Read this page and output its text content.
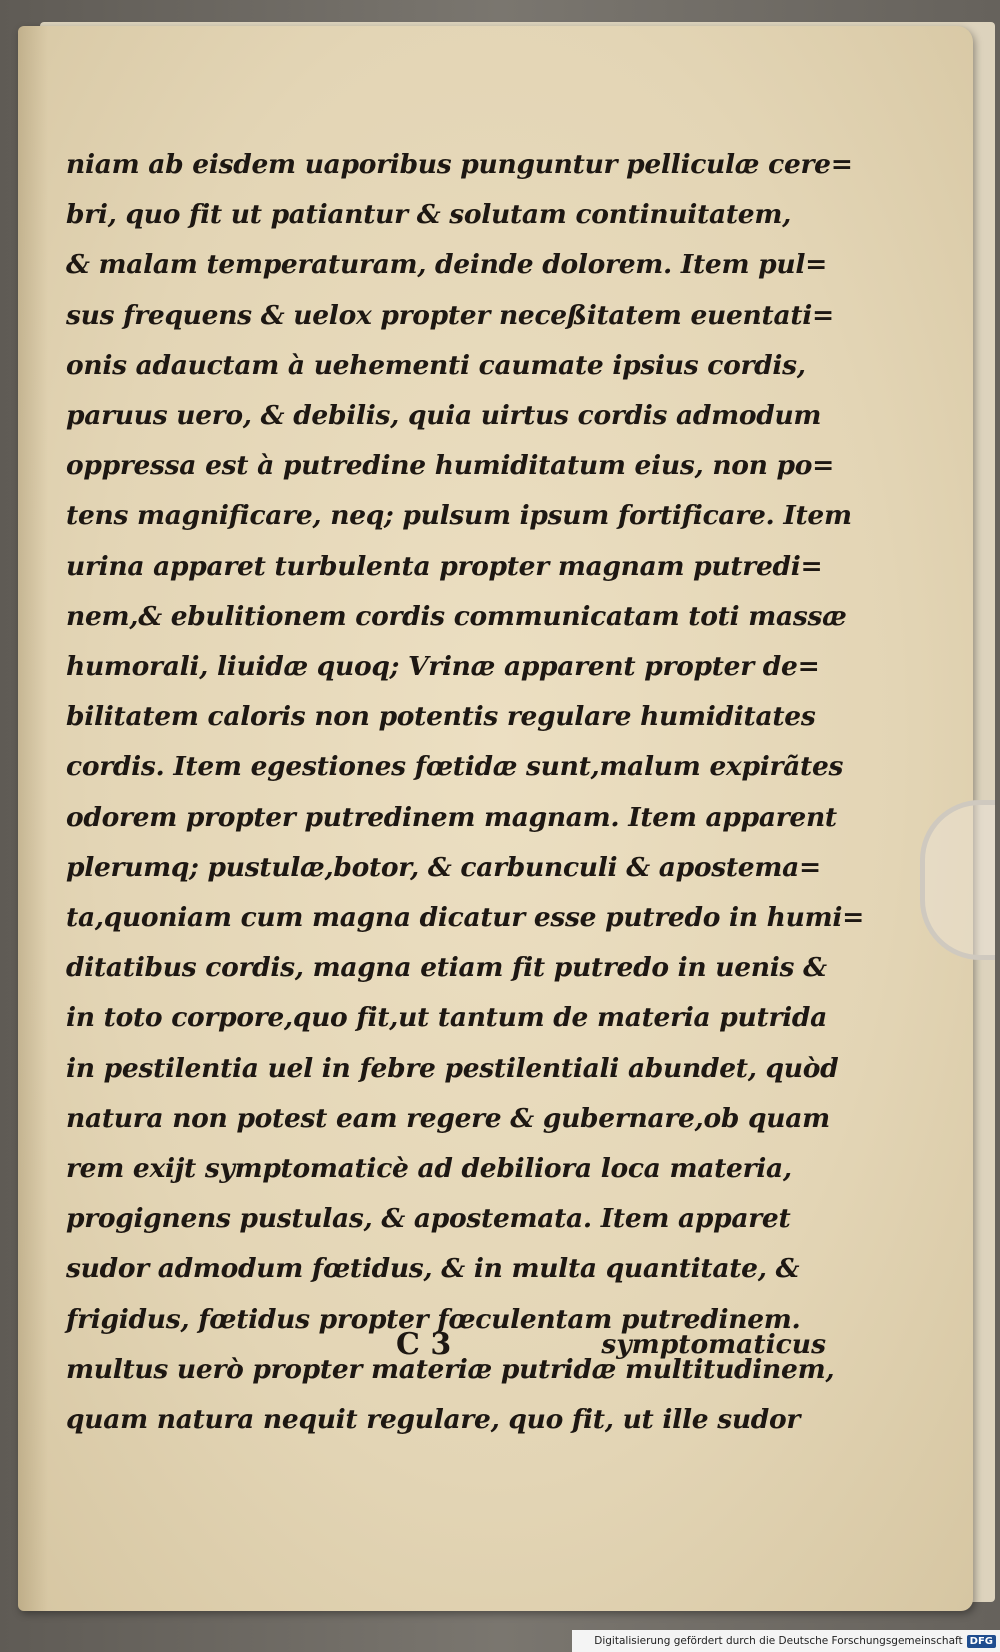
niam ab eisdem uaporibus punguntur pelliculæ cere=
bri, quo fit ut patiantur & solutam continuitatem,
& malam temperaturam, deinde dolorem. Item pul=
sus frequens & uelox propter neceßitatem euentati=
onis adauctam à uehementi caumate ipsius cordis,
paruus uero, & debilis, quia uirtus cordis admodum
oppressa est à putredine humiditatum eius, non po=
tens magnificare, neq; pulsum ipsum fortificare. Item
urina apparet turbulenta propter magnam putredi=
nem,& ebulitionem cordis communicatam toti massæ
humorali, liuidæ quoq; Vrinæ apparent propter de=
bilitatem caloris non potentis regulare humiditates
cordis. Item egestiones fœtidæ sunt,malum expirãtes
odorem propter putredinem magnam. Item apparent
plerumq; pustulæ,botor, & carbunculi & apostema=
ta,quoniam cum magna dicatur esse putredo in humi=
ditatibus cordis, magna etiam fit putredo in uenis &
in toto corpore,quo fit,ut tantum de materia putrida
in pestilentia uel in febre pestilentiali abundet, quòd
natura non potest eam regere & gubernare,ob quam
rem exijt symptomaticè ad debiliora loca materia,
progignens pustulas, & apostemata. Item apparet
sudor admodum fœtidus, & in multa quantitate, &
frigidus, fœtidus propter fœculentam putredinem.
multus uerò propter materiæ putridæ multitudinem,
quam natura nequit regulare, quo fit, ut ille sudor
C 3	symptomaticus
Digitalisierung gefördert durch die Deutsche Forschungsgemeinschaft DFG
